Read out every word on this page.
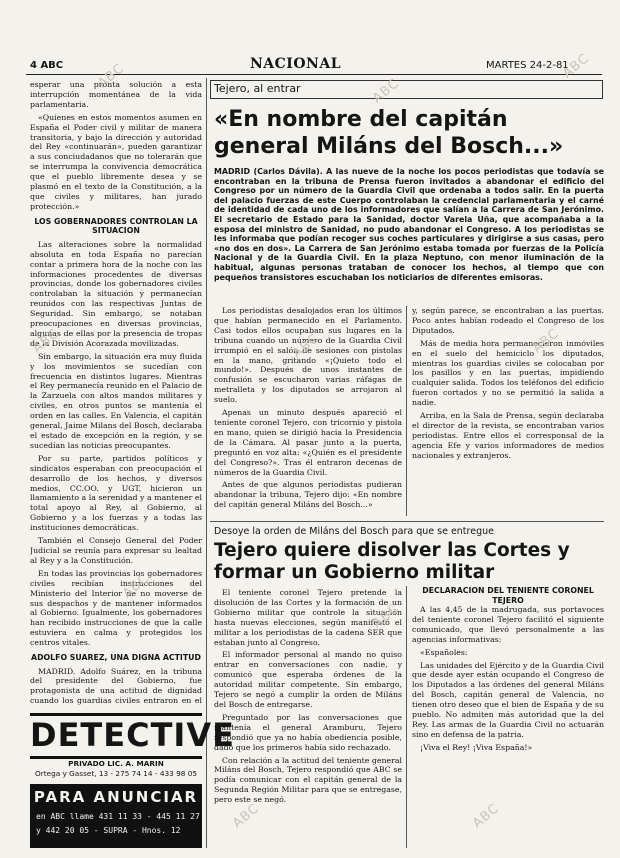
4 ABC	NACIONAL	MARTES 24-2-81

esperar una pronta solución a esta interrupción momentánea de la vida parlamentaria.

«Quienes en estos momentos asumen en España el Poder civil y militar de manera transitoria, y bajo la dirección y autoridad del Rey «continuarán», pueden garantizar a sus conciudadanos que no tolerarán que se interrumpa la convivencia democrática que el pueblo libremente desea y se plasmó en el texto de la Constitución, a la que civiles y militares, han jurado protección.»

LOS GOBERNADORES CONTROLAN LA SITUACION

Las alteraciones sobre la normalidad absoluta en toda España no parecían contar a primera hora de la noche con las informaciones procedentes de diversas provincias, donde los gobernadores civiles controlaban la situación y permanecían reunidos con las respectivas Juntas de Seguridad. Sin embargo, se notaban preocupaciones en diversas provincias, algunas de ellas por la presencia de tropas de la División Acorazada movilizadas.

Sin embargo, la situación era muy fluida y los movimientos se sucedían con frecuencia en distintos lugares. Mientras el Rey permanecía reunido en el Palacio de la Zarzuela con altos mandos militares y civiles, en otros puntos se mantenía el orden en las calles. En Valencia, el capitán general, Jaime Milans del Bosch, declaraba el estado de excepción en la región, y se sucedían las noticias preocupantes.

Por su parte, partidos políticos y sindicatos esperaban con preocupación el desarrollo de los hechos, y diversos medios, CC.OO. y UGT, hicieron un llamamiento a la serenidad y a mantener el total apoyo al Rey, al Gobierno, al Gobierno y a los fuerzas y a todas las instituciones democráticas.

También el Consejo General del Poder Judicial se reunía para expresar su lealtad al Rey y a la Constitución.

En todas las provincias los gobernadores civiles recibían instrucciones del Ministerio del Interior de no moverse de sus despachos y de mantener informados al Gobierno. Igualmente, los gobernadores han recibido instrucciones de que la calle estuviera en calma y protegidos los centros vitales.

ADOLFO SUAREZ, UNA DIGNA ACTITUD

MADRID. Adolfo Suárez, en la tribuna del presidente del Gobierno, fue protagonista de una actitud de dignidad cuando los guardias civiles entraron en el

DETECTIVE
PRIVADO LIC. A. MARIN
Ortega y Gasset, 13 - 275 74 14 - 433 98 05
PARA ANUNCIAR
en ABC llame 431 11 33 - 445 11 27
y 442 20 05 - SUPRA - Hnos. 12
Tejero, al entrar
«En nombre del capitán general Miláns del Bosch...»
MADRID (Carlos Dávila). A las nueve de la noche los pocos periodistas que todavía se encontraban en la tribuna de Prensa fueron invitados a abandonar el edificio del Congreso por un número de la Guardia Civil que ordenaba a todos salir. En la puerta del palacio fuerzas de este Cuerpo controlaban la credencial parlamentaria y el carné de identidad de cada uno de los informadores que salían a la Carrera de San Jerónimo. El secretario de Estado para la Sanidad, doctor Varela Uña, que acompañaba a la esposa del ministro de Sanidad, no pudo abandonar el Congreso. A los periodistas se les informaba que podían recoger sus coches particulares y dirigirse a sus casas, pero «no dos en dos». La Carrera de San Jerónimo estaba tomada por fuerzas de la Policía Nacional y de la Guardia Civil. En la plaza Neptuno, con menor iluminación de la habitual, algunas personas trataban de conocer los hechos, al tiempo que con pequeños transistores escuchaban los noticiarios de diferentes emisoras.

Los periodistas desalojados eran los últimos que habían permanecido en el Parlamento. Casi todos ellos ocupaban sus lugares en la tribuna cuando un número de la Guardia Civil irrumpió en el salón de sesiones con pistolas en la mano, gritando «¡Quieto todo el mundo!». Después de unos instantes de confusión se escucharon varias ráfagas de metralleta y los diputados se arrojaron al suelo.

Apenas un minuto después apareció el teniente coronel Tejero, con tricornio y pistola en mano, quien se dirigió hacia la Presidencia de la Cámara. Al pasar junto a la puerta, preguntó en voz alta: «¿Quién es el presidente del Congreso?». Tras él entraron decenas de números de la Guardia Civil.

Antes de que algunos periodistas pudieran abandonar la tribuna, Tejero dijo: «En nombre del capitán general Miláns del Bosch...»

y, según parece, se encontraban a las puertas. Poco antes habían rodeado el Congreso de los Diputados.

Más de media hora permanecieron inmóviles en el suelo del hemiciclo los diputados, mientras los guardias civiles se colocaban por los pasillos y en las puertas, impidiendo cualquier salida. Todos los teléfonos del edificio fueron cortados y no se permitió la salida a nadie.

Arriba, en la Sala de Prensa, según declaraba el director de la revista, se encontraban varios periodistas. Entre ellos el corresponsal de la agencia Efe y varios informadores de medios nacionales y extranjeros.

Desoye la orden de Miláns del Bosch para que se entregue
Tejero quiere disolver las Cortes y formar un Gobierno militar

El teniente coronel Tejero pretende la disolución de las Cortes y la formación de un Gobierno militar que controle la situación hasta nuevas elecciones, según manifestó el militar a los periodistas de la cadena SER que estaban junto al Congreso.

El informador personal al mando no quiso entrar en conversaciones con nadie, y comunicó que esperaba órdenes de la autoridad militar competente. Sin embargo, Tejero se negó a cumplir la orden de Miláns del Bosch de entregarse.

Preguntado por las conversaciones que mantenía el general Aramburu, Tejero respondió que ya no había obediencia posible, dado que los primeros había sido rechazado.

Con relación a la actitud del teniente general Miláns del Bosch, Tejero respondió que ABC se podía comunicar con el capitán general de la Segunda Región Militar para que se entregase, pero este se negó.

DECLARACION DEL TENIENTE CORONEL TEJERO

A las 4,45 de la madrugada, sus portavoces del teniente coronel Tejero facilitó el siguiente comunicado, que llevó personalmente a las agencias informativas:

«Españoles:

Las unidades del Ejército y de la Guardia Civil que desde ayer están ocupando el Congreso de los Diputados a las órdenes del general Miláns del Bosch, capitán general de Valencia, no tienen otro deseo que el bien de España y de su pueblo. No admiten más autoridad que la del Rey. Las armas de la Guardia Civil no actuarán sino en defensa de la patria.

¡Viva el Rey! ¡Viva España!»

ABC	ABC
ABC
ABC	ABC	ABC
ABC
ABC
ABC	ABC
